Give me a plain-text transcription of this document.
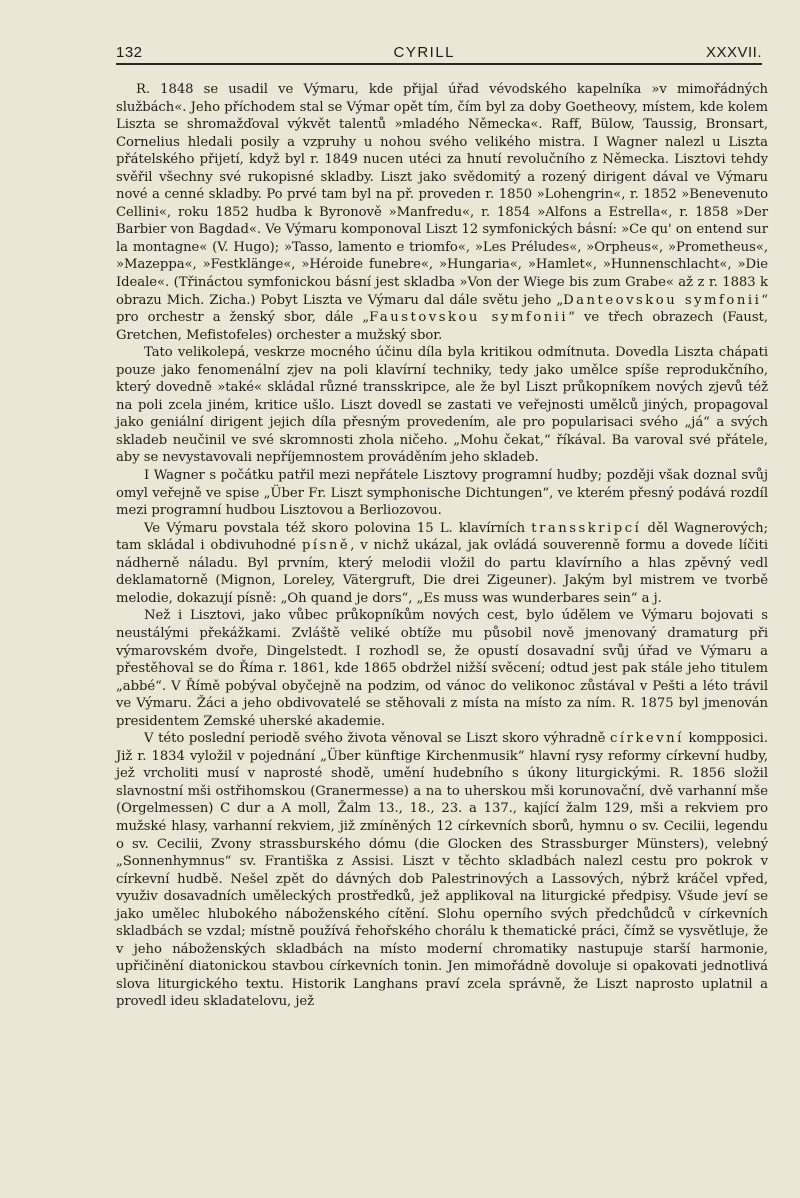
132	CYRILL	XXXVII.

R. 1848 se usadil ve Výmaru, kde přijal úřad vévodského kapelníka »v mimořádných službách«. Jeho příchodem stal se Výmar opět tím, čím byl za doby Goetheovy, místem, kde kolem Liszta se shromažďoval výkvět talentů »mladého Německa«. Raff, Bülow, Taussig, Bronsart, Cornelius hledali posily a vzpruhy u nohou svého velikého mistra. I Wagner nalezl u Liszta přátelského přijetí, když byl r. 1849 nucen utéci za hnutí revolučního z Německa. Lisztovi tehdy svěřil všechny své rukopisné skladby. Liszt jako svědomitý a rozený dirigent dával ve Výmaru nové a cenné skladby. Po prvé tam byl na př. proveden r. 1850 »Lohengrin«, r. 1852 »Benevenuto Cellini«, roku 1852 hudba k Byronově »Manfredu«, r. 1854 »Alfons a Estrella«, r. 1858 »Der Barbier von Bagdad«. Ve Výmaru komponoval Liszt 12 symfonických básní: »Ce qu' on entend sur la montagne« (V. Hugo); »Tasso, lamento e triomfo«, »Les Préludes«, »Orpheus«, »Prometheus«, »Mazeppa«, »Festklänge«, »Héroide funebre«, »Hungaria«, »Hamlet«, »Hunnenschlacht«, »Die Ideale«. (Třináctou symfonickou básní jest skladba »Von der Wiege bis zum Grabe« až z r. 1883 k obrazu Mich. Zicha.) Pobyt Liszta ve Výmaru dal dále světu jeho „Danteovskou symfonii“ pro orchestr a ženský sbor, dále „Faustovskou symfonii“ ve třech obrazech (Faust, Gretchen, Mefistofeles) orchester a mužský sbor.

Tato velikolepá, veskrze mocného účinu díla byla kritikou odmítnuta. Dovedla Liszta chápati pouze jako fenomenální zjev na poli klavírní techniky, tedy jako umělce spíše reprodukčního, který dovedně »také« skládal různé transskripce, ale že byl Liszt průkopníkem nových zjevů též na poli zcela jiném, kritice ušlo. Liszt dovedl se zastati ve veřejnosti umělců jiných, propagoval jako geniální dirigent jejich díla přesným provedením, ale pro popularisaci svého „já“ a svých skladeb neučinil ve své skromnosti zhola ničeho. „Mohu čekat,“ říkával. Ba varoval své přátele, aby se nevystavovali nepříjemnostem prováděním jeho skladeb.

I Wagner s počátku patřil mezi nepřátele Lisztovy programní hudby; později však doznal svůj omyl veřejně ve spise „Über Fr. Liszt symphonische Dichtungen“, ve kterém přesný podává rozdíl mezi programní hudbou Lisztovou a Berliozovou.

Ve Výmaru povstala též skoro polovina 15 L. klavírních transskripcí děl Wagnerových; tam skládal i obdivuhodné písně, v nichž ukázal, jak ovládá souverenně formu a dovede líčiti nádherně náladu. Byl prvním, který melodii vložil do partu klavírního a hlas zpěvný vedl deklamatorně (Mignon, Loreley, Vätergruft, Die drei Zigeuner). Jakým byl mistrem ve tvorbě melodie, dokazují písně: „Oh quand je dors“, „Es muss was wunderbares sein“ a j.

Než i Lisztovi, jako vůbec průkopníkům nových cest, bylo údělem ve Výmaru bojovati s neustálými překážkami. Zvláště veliké obtíže mu působil nově jmenovaný dramaturg při výmarovském dvoře, Dingelstedt. I rozhodl se, že opustí dosavadní svůj úřad ve Výmaru a přestěhoval se do Říma r. 1861, kde 1865 obdržel nižší svěcení; odtud jest pak stále jeho titulem „abbé“. V Římě pobýval obyčejně na podzim, od vánoc do velikonoc zůstával v Pešti a léto trávil ve Výmaru. Žáci a jeho obdivovatelé se stěhovali z místa na místo za ním. R. 1875 byl jmenován presidentem Zemské uherské akademie.

V této poslední periodě svého života věnoval se Liszt skoro výhradně církevní kompposici. Již r. 1834 vyložil v pojednání „Über künftige Kirchenmusik“ hlavní rysy reformy církevní hudby, jež vrcholiti musí v naprosté shodě, umění hudebního s úkony liturgickými. R. 1856 složil slavnostní mši ostřihomskou (Granermesse) a na to uherskou mši korunovační, dvě varhanní mše (Orgelmessen) C dur a A moll, Žalm 13., 18., 23. a 137., kající žalm 129, mši a rekviem pro mužské hlasy, varhanní rekviem, již zmíněných 12 církevních sborů, hymnu o sv. Cecilii, legendu o sv. Cecilii, Zvony strassburského dómu (die Glocken des Strassburger Münsters), velebný „Sonnenhymnus“ sv. Františka z Assisi. Liszt v těchto skladbách nalezl cestu pro pokrok v církevní hudbě. Nešel zpět do dávných dob Palestrinových a Lassových, nýbrž kráčel vpřed, využiv dosavadních uměleckých prostředků, jež applikoval na liturgické předpisy. Všude jeví se jako umělec hlubokého náboženského cítění. Slohu operního svých předchůdců v církevních skladbách se vzdal; místně používá řehořského chorálu k thematické práci, čímž se vysvětluje, že v jeho náboženských skladbách na místo moderní chromatiky nastupuje starší harmonie, upřičinění diatonickou stavbou církevních tonin. Jen mimořádně dovoluje si opakovati jednotlivá slova liturgického textu. Historik Langhans praví zcela správně, že Liszt naprosto uplatnil a provedl ideu skladatelovu, jež
